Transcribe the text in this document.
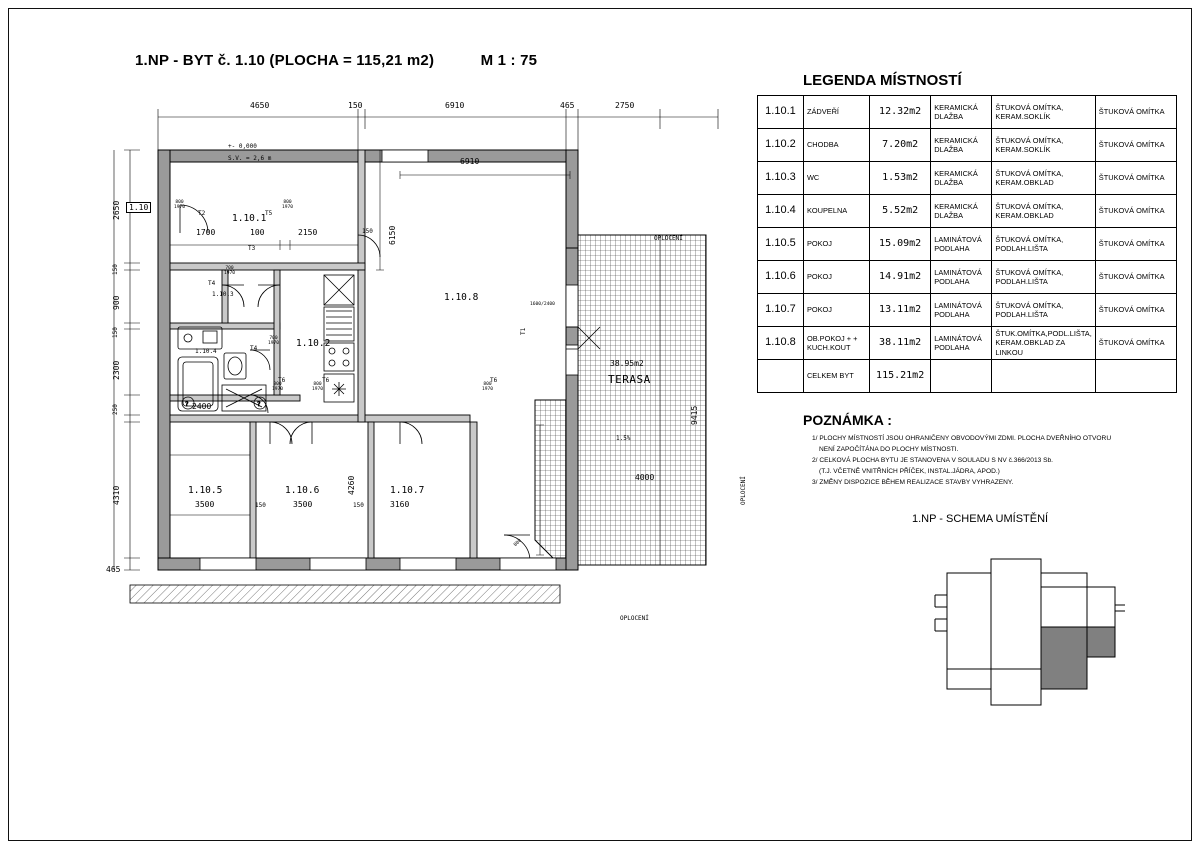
1.NP - BYT č. 1.10 (PLOCHA = 115,21 m2)	M 1 : 75
LEGENDA MÍSTNOSTÍ
1.10.1	ZÁDVEŘÍ	12.32m2	KERAMICKÁ DLAŽBA	ŠTUKOVÁ OMÍTKA, KERAM.SOKLÍK	ŠTUKOVÁ OMÍTKA
1.10.2	CHODBA	7.20m2	KERAMICKÁ DLAŽBA	ŠTUKOVÁ OMÍTKA, KERAM.SOKLÍK	ŠTUKOVÁ OMÍTKA
1.10.3	WC	1.53m2	KERAMICKÁ DLAŽBA	ŠTUKOVÁ OMÍTKA, KERAM.OBKLAD	ŠTUKOVÁ OMÍTKA
1.10.4	KOUPELNA	5.52m2	KERAMICKÁ DLAŽBA	ŠTUKOVÁ OMÍTKA, KERAM.OBKLAD	ŠTUKOVÁ OMÍTKA
1.10.5	POKOJ	15.09m2	LAMINÁTOVÁ PODLAHA	ŠTUKOVÁ OMÍTKA, PODLAH.LIŠTA	ŠTUKOVÁ OMÍTKA
1.10.6	POKOJ	14.91m2	LAMINÁTOVÁ PODLAHA	ŠTUKOVÁ OMÍTKA, PODLAH.LIŠTA	ŠTUKOVÁ OMÍTKA
1.10.7	POKOJ	13.11m2	LAMINÁTOVÁ PODLAHA	ŠTUKOVÁ OMÍTKA, PODLAH.LIŠTA	ŠTUKOVÁ OMÍTKA
1.10.8	OB.POKOJ + + KUCH.KOUT	38.11m2	LAMINÁTOVÁ PODLAHA	ŠTUK.OMÍTKA,PODL.LIŠTA, KERAM.OBKLAD ZA LINKOU	ŠTUKOVÁ OMÍTKA
	CELKEM BYT	115.21m2			
POZNÁMKA :
1/ PLOCHY MÍSTNOSTÍ JSOU OHRANIČENY OBVODOVÝMI ZDMI. PLOCHA DVEŘNÍHO OTVORU
NENÍ ZAPOČÍTÁNA DO PLOCHY MÍSTNOSTI.
2/ CELKOVÁ PLOCHA BYTU JE STANOVENA V SOULADU S NV č.366/2013 Sb.
(T.J. VČETNĚ VNITŘNÍCH PŘÍČEK, INSTAL.JÁDRA, APOD.)
3/ ZMĚNY DISPOZICE BĚHEM REALIZACE STAVBY VYHRAZENY.
1.NP - SCHEMA UMÍSTĚNÍ
?	?
4650	150	6910	465	2750
2650
150
900
150
2300
250
4310
465
1700	100	2150	150
6910
6150
2400
3500	150	3500	150	3160
4260	4000
9415
1600/2400
+- 0,000
S.V. = 2,6 m
1.10
1.10.1
1.10.2
1.10.3
1.10.4
1.10.5	1.10.6	1.10.7
1.10.8
38.95m2
TERASA
1.5%
800
1970
T2
800
1970
T5
T3
700
1970
T4
700
1970
T4
800
1970
T6
800
1970
T6
800
1970
T6
T1
800
OPLOCENÍ
OPLOCENÍ
OPLOCENÍ
